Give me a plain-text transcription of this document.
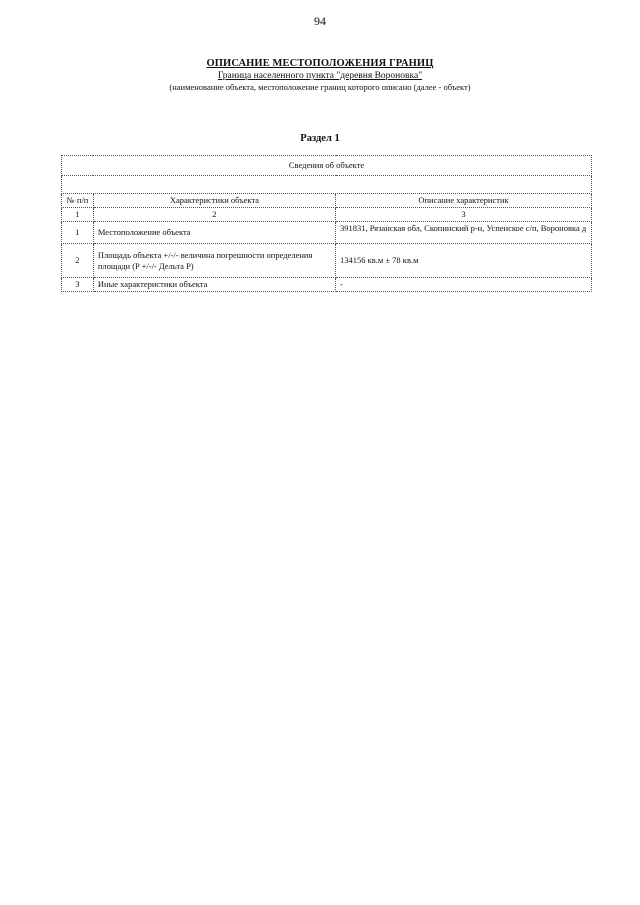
94
ОПИСАНИЕ МЕСТОПОЛОЖЕНИЯ ГРАНИЦ
Граница населенного пункта "деревня Вороновка"
(наименование объекта, местоположение границ которого описано (далее - объект)
Раздел 1
Сведения об объекте		

№ п/п	Характеристики объекта	Описание характеристик
1	2	3
1	Местоположение объекта	391831, Рязанская обл, Скопинский р-н, Успенское с/п, Вороновка д
2	Площадь объекта +/-/- величина погрешности определения площади (P +/-/- Дельта P)	134156 кв.м ± 78 кв.м
3	Иные характеристики объекта	-
